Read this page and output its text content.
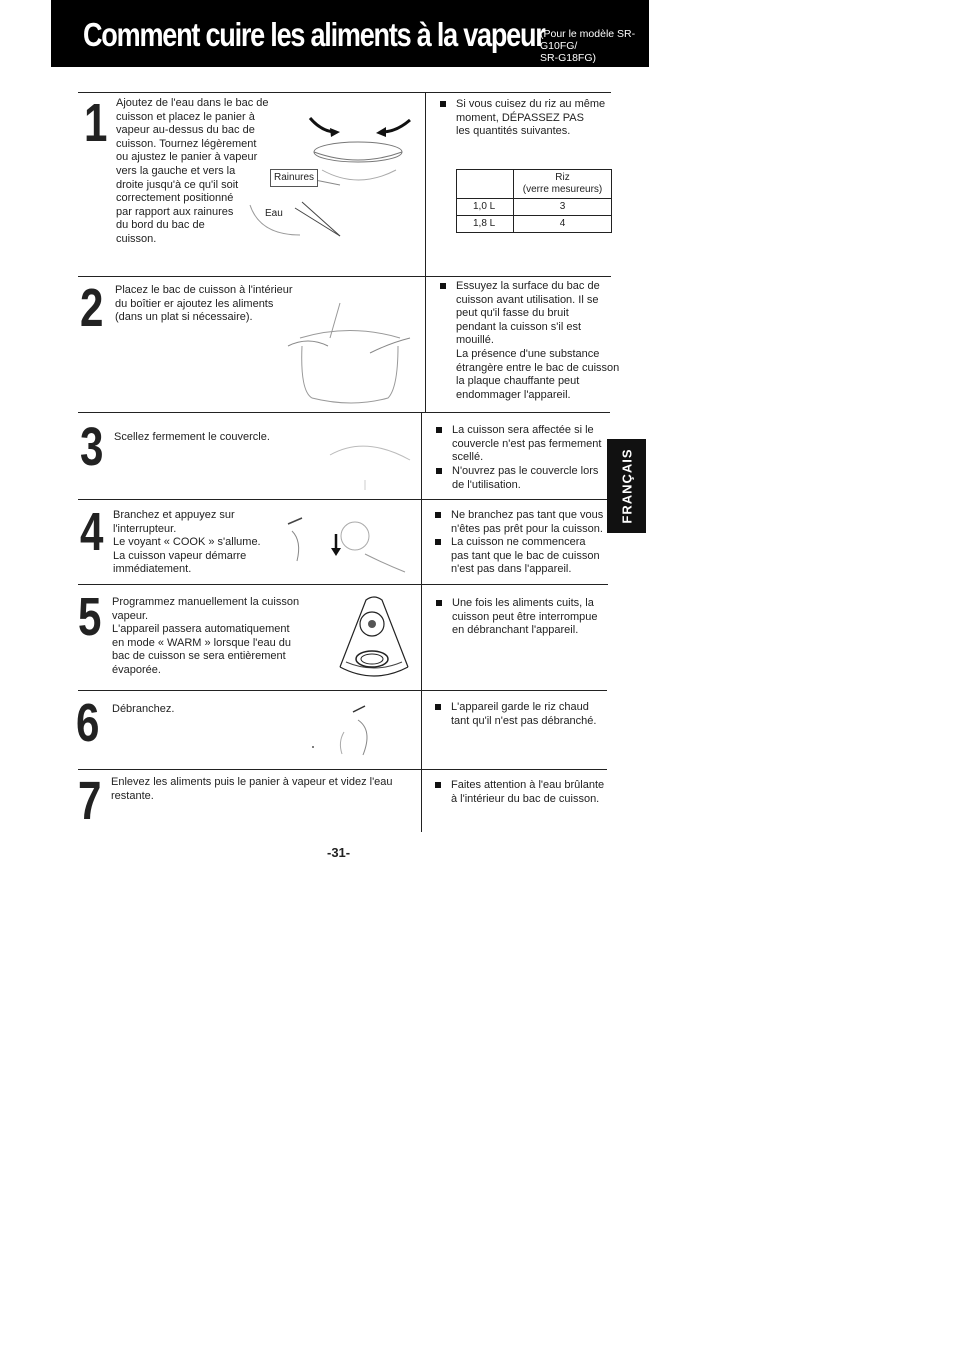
Comment cuire les aliments à la vapeur
(Pour le modèle SR-G10FG/
SR-G18FG)
FRANÇAIS
1 Ajoutez de l'eau dans le bac de
cuisson et placez le panier à
vapeur au-dessus du bac de
cuisson. Tournez légèrement
ou ajustez le panier à vapeur
vers la gauche et vers la
droite jusqu'à ce qu'il soit
correctement positionné
par rapport aux rainures
du bord du bac de
cuisson.
Rainures
Eau
Si vous cuisez du riz au même
moment, DÉPASSEZ PAS
les quantités suivantes.
	Riz
(verre mesureurs)
1,0 L	3
1,8 L	4
2 Placez le bac de cuisson à l'intérieur
du boîtier er ajoutez les aliments
(dans un plat si nécessaire).
Essuyez la surface du bac de
cuisson avant utilisation. Il se
peut qu'il fasse du bruit
pendant la cuisson s'il est
mouillé.
La présence d'une substance
étrangère entre le bac de cuisson
la plaque chauffante peut
endommager l'appareil.
3 Scellez fermement le couvercle.
La cuisson sera affectée si le
couvercle n'est pas fermement
scellé.
N'ouvrez pas le couvercle lors
de l'utilisation.
4 Branchez et appuyez sur
l'interrupteur.
Le voyant « COOK » s'allume.
La cuisson vapeur démarre
immédiatement.
Ne branchez pas tant que vous
n'êtes pas prêt pour la cuisson.
La cuisson ne commencera
pas tant que le bac de cuisson
n'est pas dans l'appareil.
5 Programmez manuellement la cuisson
vapeur.
L'appareil passera automatiquement
en mode « WARM » lorsque l'eau du
bac de cuisson se sera entièrement
évaporée.
Une fois les aliments cuits, la
cuisson peut être interrompue
en débranchant l'appareil.
6 Débranchez.	L'appareil garde le riz chaud
tant qu'il n'est pas débranché.
7 Enlevez les aliments puis le panier à vapeur et videz l'eau
restante.
Faites attention à l'eau brûlante
à l'intérieur du bac de cuisson.
-31-
